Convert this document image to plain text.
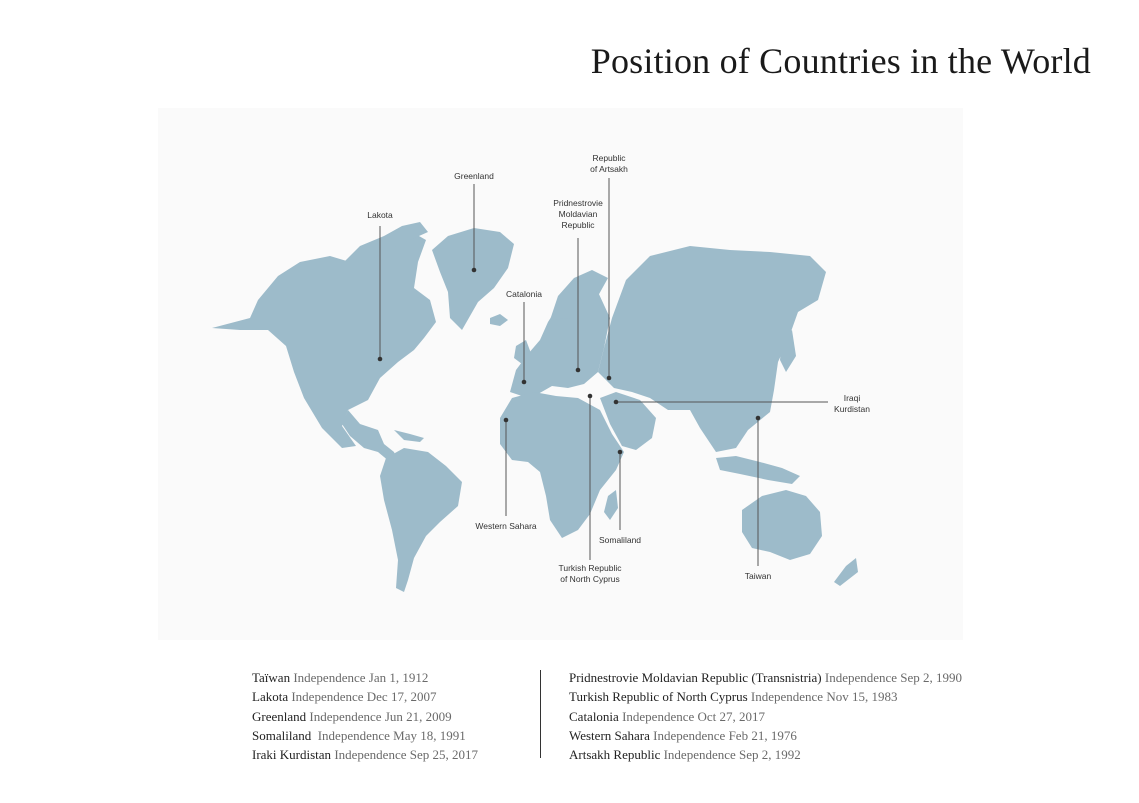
Position of Countries in the World
Lakota
Greenland
Catalonia
Pridnestrovie
Moldavian
Republic
Republic
of Artsakh
Iraqi
Kurdistan
Western Sahara
Somaliland
Turkish Republic
of North Cyprus	Taiwan
Taïwan Independence Jan 1, 1912
Lakota Independence Dec 17, 2007
Greenland Independence Jun 21, 2009
Somaliland Independence May 18, 1991
Iraki Kurdistan Independence Sep 25, 2017
Pridnestrovie Moldavian Republic (Transnistria) Independence Sep 2, 1990
Turkish Republic of North Cyprus Independence Nov 15, 1983
Catalonia Independence Oct 27, 2017
Western Sahara Independence Feb 21, 1976
Artsakh Republic Independence Sep 2, 1992
